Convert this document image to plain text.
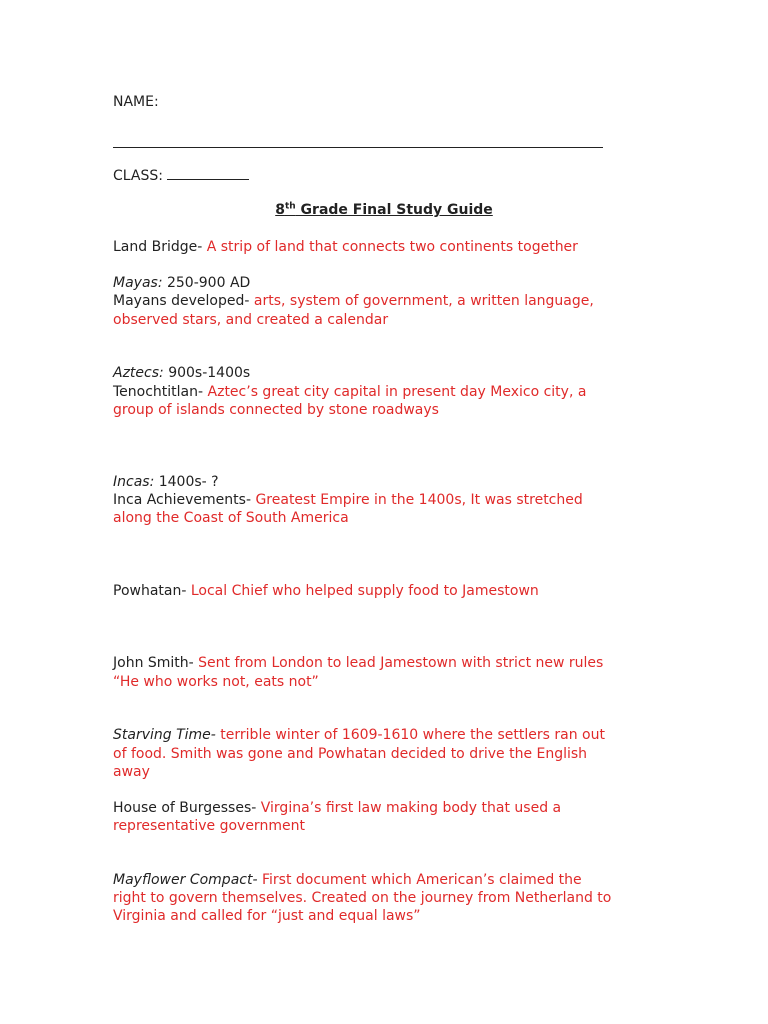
NAME:
CLASS:
8th Grade Final Study Guide
Land Bridge- A strip of land that connects two continents together
Mayas: 250-900 AD
Mayans developed- arts, system of government, a written language,
observed stars, and created a calendar
Aztecs: 900s-1400s
Tenochtitlan- Aztec’s great city capital in present day Mexico city, a
group of islands connected by stone roadways
Incas: 1400s- ?
Inca Achievements- Greatest Empire in the 1400s, It was stretched
along the Coast of South America
Powhatan- Local Chief who helped supply food to Jamestown
John Smith- Sent from London to lead Jamestown with strict new rules
“He who works not, eats not”
Starving Time- terrible winter of 1609-1610 where the settlers ran out
of food. Smith was gone and Powhatan decided to drive the English
away
House of Burgesses- Virgina’s first law making body that used a
representative government
Mayflower Compact- First document which American’s claimed the
right to govern themselves. Created on the journey from Netherland to
Virginia and called for “just and equal laws”
